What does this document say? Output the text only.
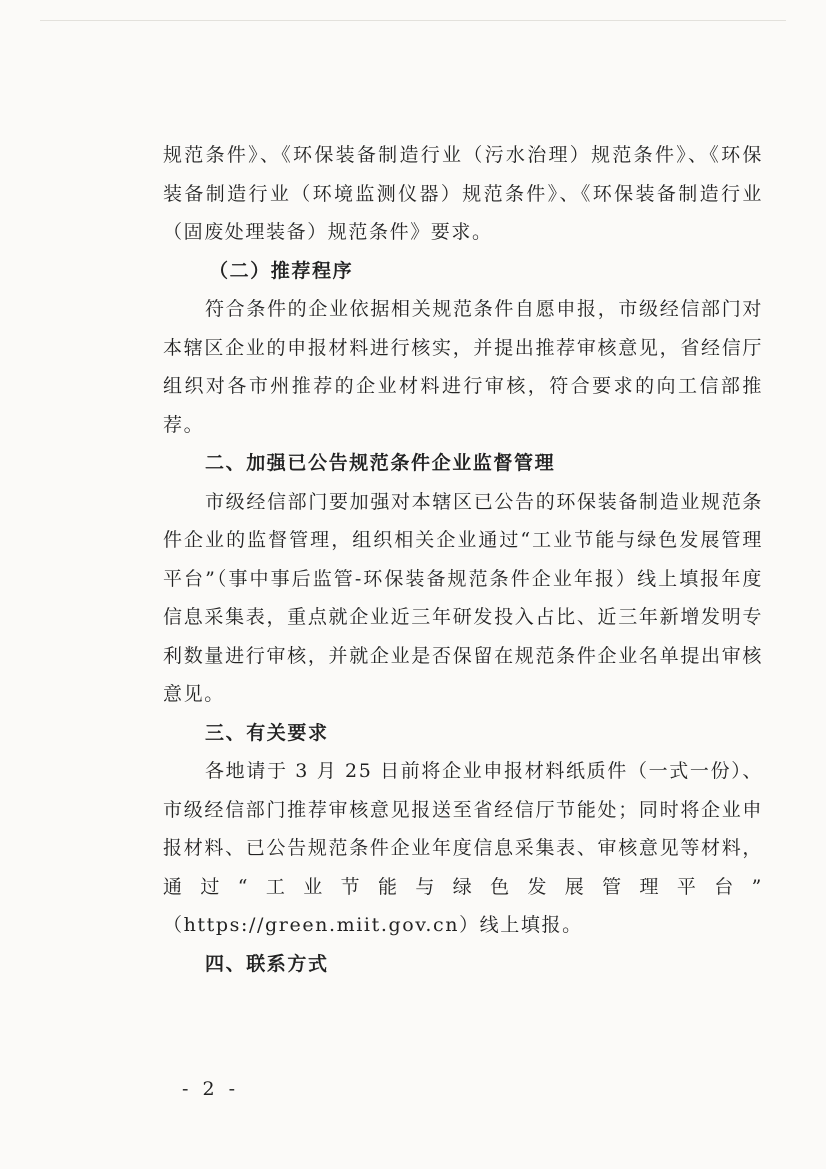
规范条件》、《环保装备制造行业（污水治理）规范条件》、《环保装备制造行业（环境监测仪器）规范条件》、《环保装备制造行业（固废处理装备）规范条件》要求。

（二）推荐程序

符合条件的企业依据相关规范条件自愿申报，市级经信部门对本辖区企业的申报材料进行核实，并提出推荐审核意见，省经信厅组织对各市州推荐的企业材料进行审核，符合要求的向工信部推荐。

二、加强已公告规范条件企业监督管理

市级经信部门要加强对本辖区已公告的环保装备制造业规范条件企业的监督管理，组织相关企业通过“工业节能与绿色发展管理平台”（事中事后监管-环保装备规范条件企业年报）线上填报年度信息采集表，重点就企业近三年研发投入占比、近三年新增发明专利数量进行审核，并就企业是否保留在规范条件企业名单提出审核意见。

三、有关要求

各地请于 3 月 25 日前将企业申报材料纸质件（一式一份）、市级经信部门推荐审核意见报送至省经信厅节能处；同时将企业申报材料、已公告规范条件企业年度信息采集表、审核意见等材料，通过“工业节能与绿色发展管理平台”

（https://green.miit.gov.cn）线上填报。

四、联系方式

- 2 -
